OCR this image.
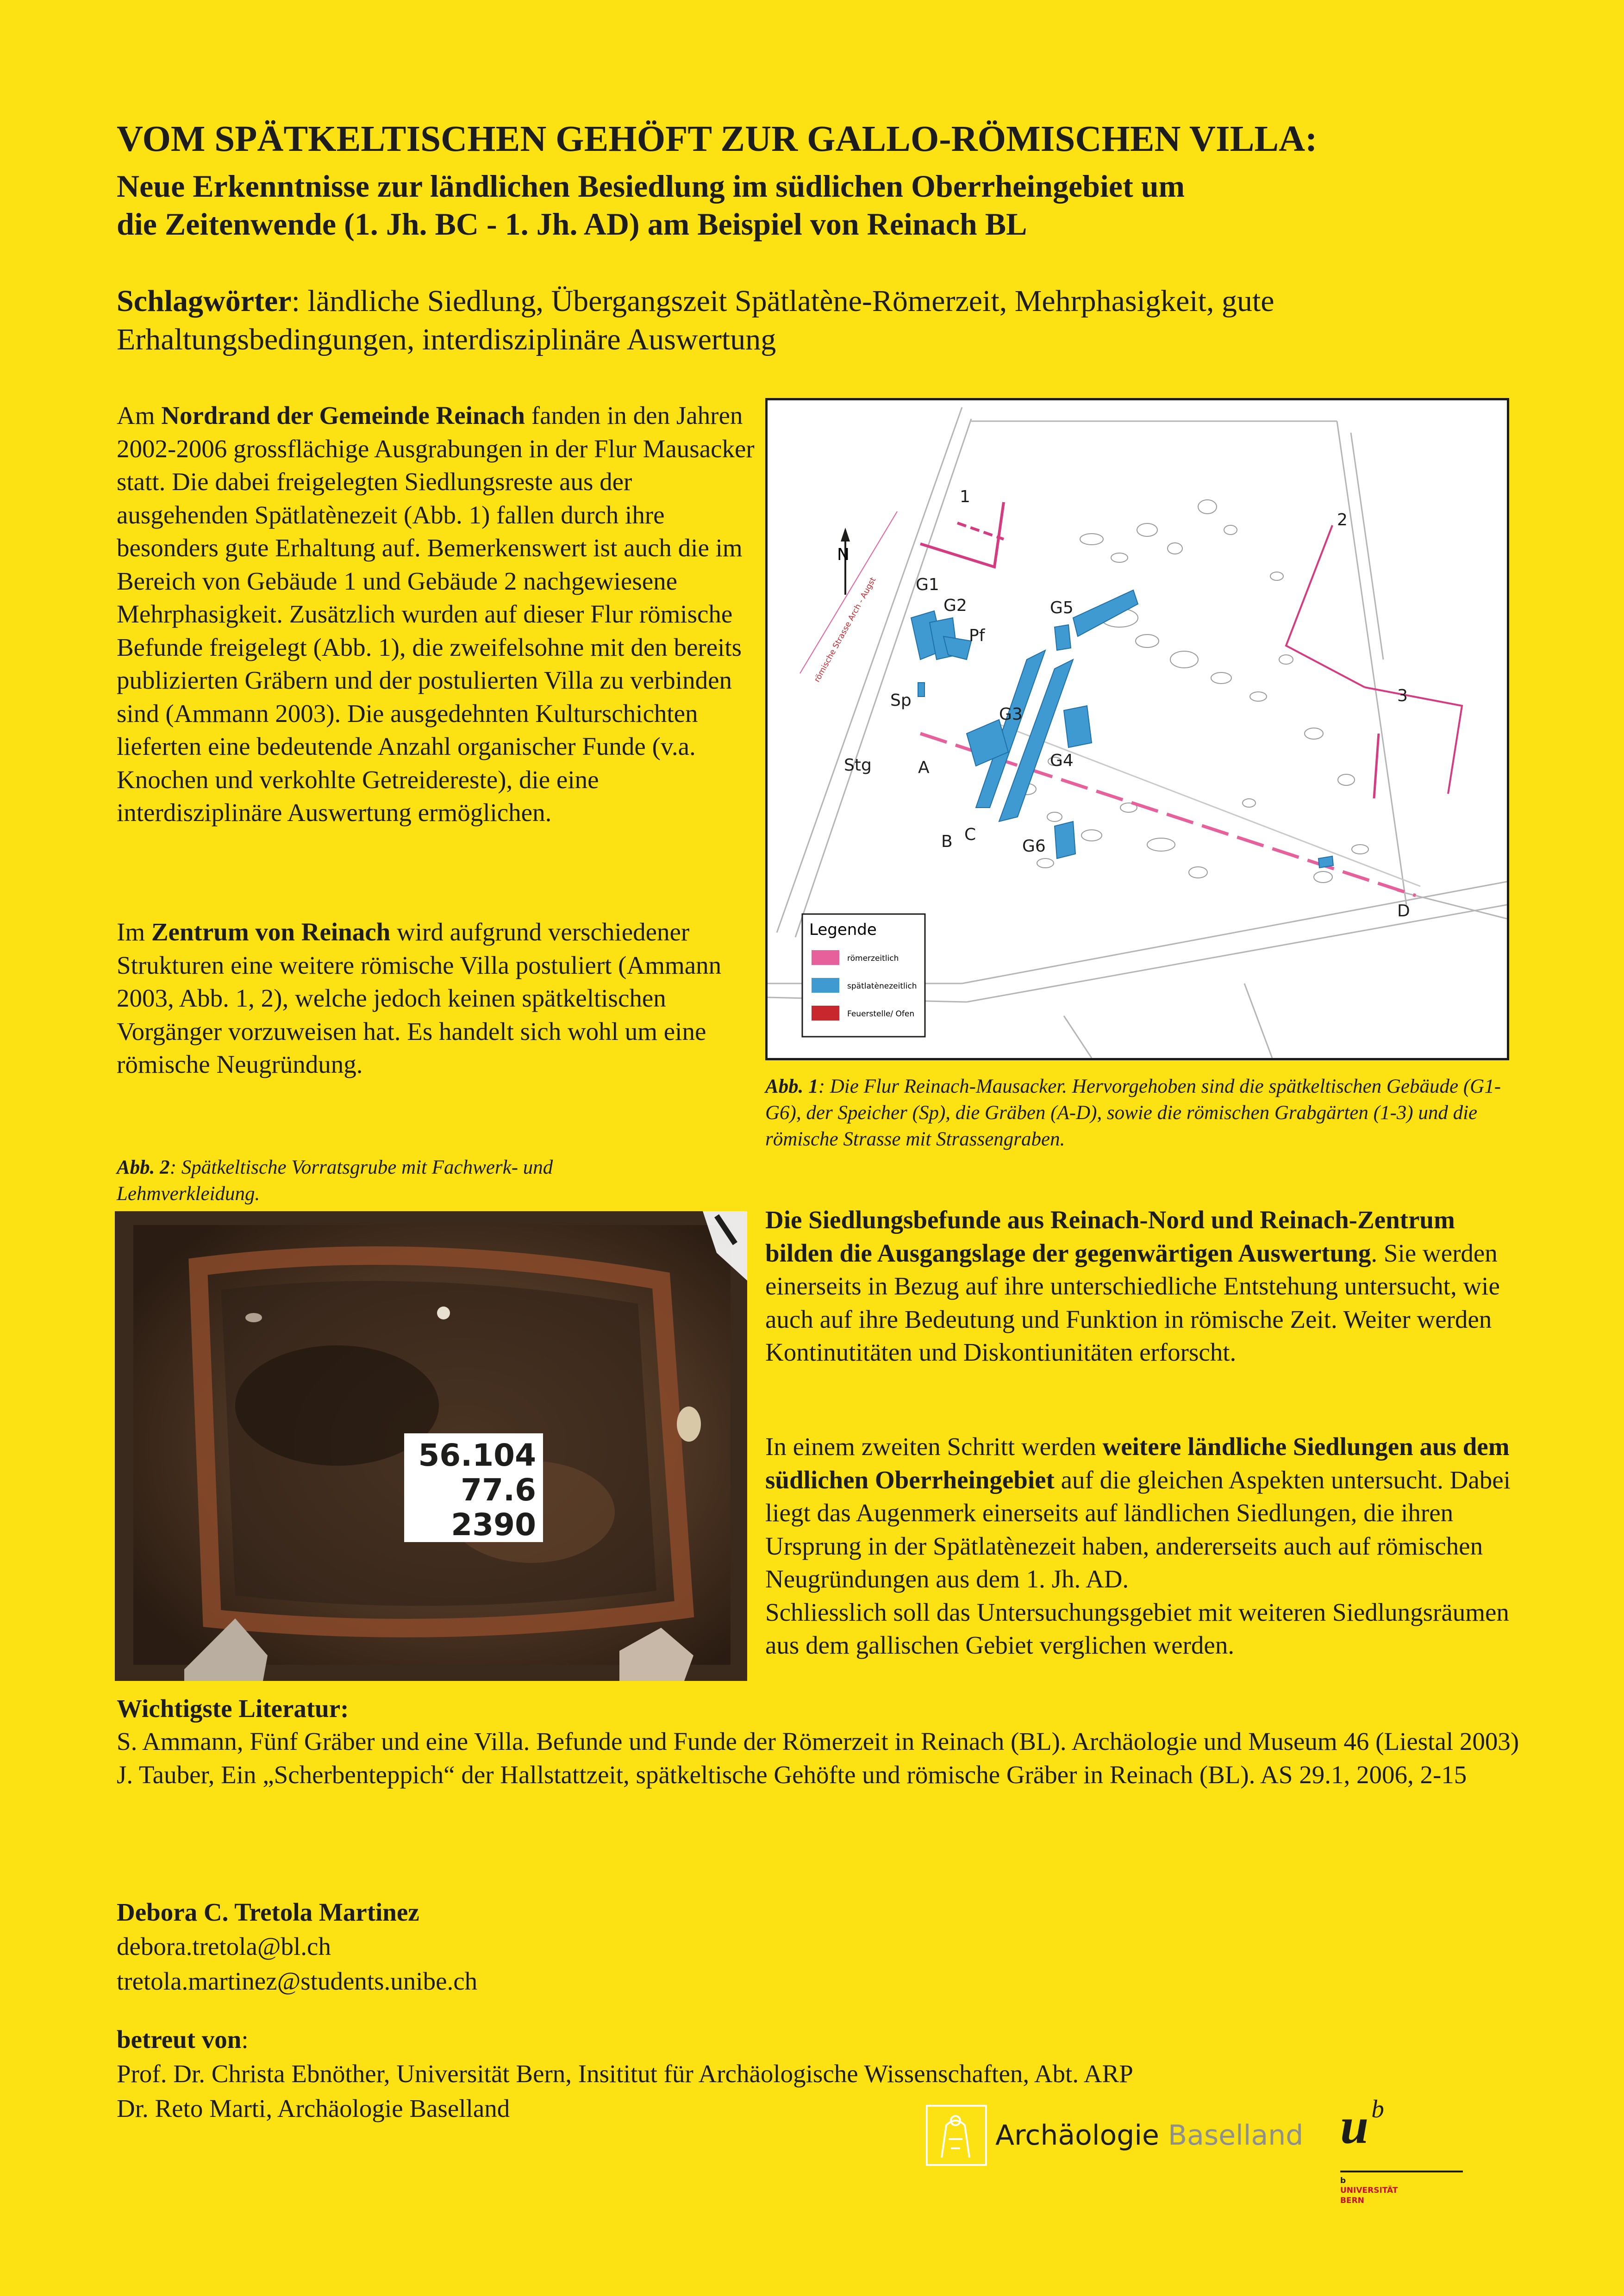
VOM SPÄTKELTISCHEN GEHÖFT ZUR GALLO-RÖMISCHEN VILLA:
Neue Erkenntnisse zur ländlichen Besiedlung im südlichen Oberrheingebiet um
die Zeitenwende (1. Jh. BC - 1. Jh. AD) am Beispiel von Reinach BL

Schlagwörter: ländliche Siedlung, Übergangszeit Spätlatène-Römerzeit, Mehrphasigkeit, gute Erhaltungsbedingungen, interdisziplinäre Auswertung

Am Nordrand der Gemeinde Reinach fanden in den Jahren 2002-2006 grossflächige Ausgrabungen in der Flur Mausacker statt. Die dabei freigelegten Siedlungsreste aus der ausgehenden Spätlatènezeit (Abb. 1) fallen durch ihre besonders gute Erhaltung auf. Bemerkenswert ist auch die im Bereich von Gebäude 1 und Gebäude 2 nachgewiesene Mehrphasigkeit. Zusätzlich wurden auf dieser Flur römische Befunde freigelegt (Abb. 1), die zweifelsohne mit den bereits publizierten Gräbern und der postulierten Villa zu verbinden sind (Ammann 2003). Die ausgedehnten Kulturschichten lieferten eine bedeutende Anzahl organischer Funde (v.a. Knochen und verkohlte Getreidereste), die eine interdisziplinäre Auswertung ermöglichen.

Im Zentrum von Reinach wird aufgrund verschiedener Strukturen eine weitere römische Villa postuliert (Ammann 2003, Abb. 1, 2), welche jedoch keinen spätkeltischen Vorgänger vorzuweisen hat. Es handelt sich wohl um eine römische Neugründung.

römische Strasse Arch - Augst
N
1
2
3
G1
G2
Pf
G5
Sp
G3
G4
Stg	A
B C
G6
D
Legende
römerzeitlich
spätlatènezeitlich
Feuerstelle/ Ofen

Abb. 1: Die Flur Reinach-Mausacker. Hervorgehoben sind die spätkeltischen Gebäude (G1-G6), der Speicher (Sp), die Gräben (A-D), sowie die römischen Grabgärten (1-3) und die römische Strasse mit Strassengraben.

Abb. 2: Spätkeltische Vorratsgrube mit Fachwerk- und Lehmverkleidung.

56.104
77.6
2390

Die Siedlungsbefunde aus Reinach-Nord und Reinach-Zentrum bilden die Ausgangslage der gegenwärtigen Auswertung. Sie werden einerseits in Bezug auf ihre unterschiedliche Entstehung untersucht, wie auch auf ihre Bedeutung und Funktion in römische Zeit. Weiter werden Kontinutitäten und Diskontiunitäten erforscht.

In einem zweiten Schritt werden weitere ländliche Siedlungen aus dem südlichen Oberrheingebiet auf die gleichen Aspekten untersucht. Dabei liegt das Augenmerk einerseits auf ländlichen Siedlungen, die ihren Ursprung in der Spätlatènezeit haben, andererseits auch auf römischen Neugründungen aus dem 1. Jh. AD.
Schliesslich soll das Untersuchungsgebiet mit weiteren Siedlungsräumen aus dem gallischen Gebiet verglichen werden.

Wichtigste Literatur:

S. Ammann, Fünf Gräber und eine Villa. Befunde und Funde der Römerzeit in Reinach (BL). Archäologie und Museum 46 (Liestal 2003)
J. Tauber, Ein „Scherbenteppich“ der Hallstattzeit, spätkeltische Gehöfte und römische Gräber in Reinach (BL). AS 29.1, 2006, 2-15
Debora C. Tretola Martinez
debora.tretola@bl.ch
tretola.martinez@students.unibe.ch
betreut von:
Prof. Dr. Christa Ebnöther, Universität Bern, Insititut für Archäologische Wissenschaften, Abt. ARP
Dr. Reto Marti, Archäologie Baselland
Archäologie Baselland u $^b$
b
UNIVERSITÄT
BERN
